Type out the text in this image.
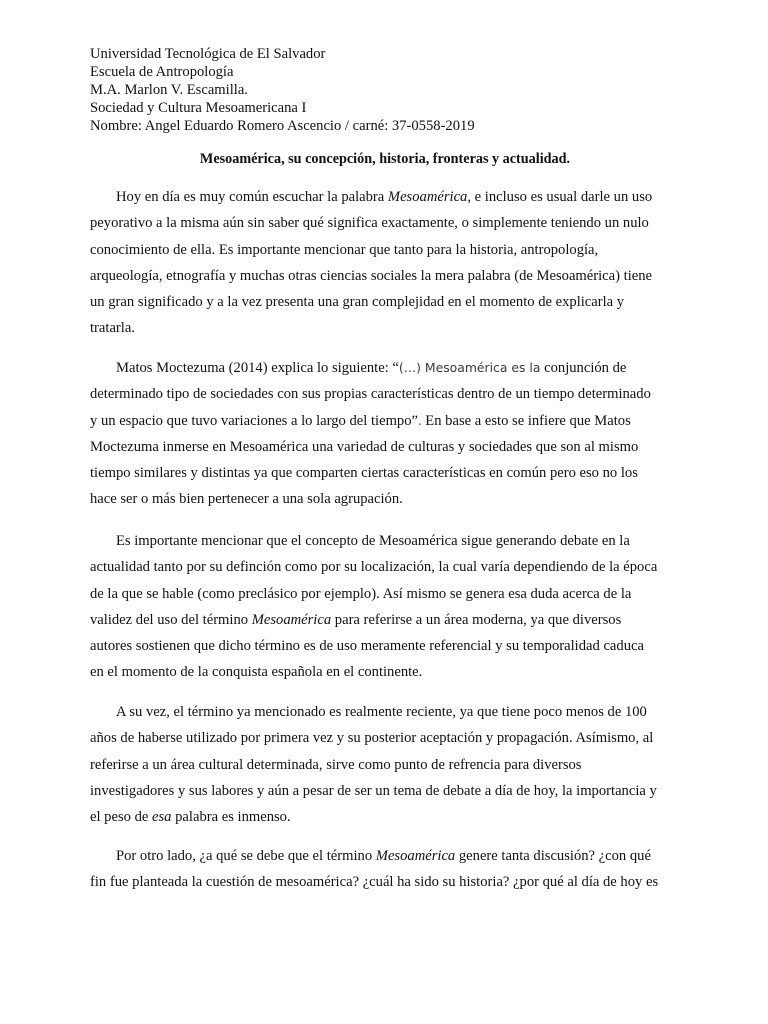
Universidad Tecnológica de El Salvador
Escuela de Antropología
M.A. Marlon V. Escamilla.
Sociedad y Cultura Mesoamericana I
Nombre: Angel Eduardo Romero Ascencio / carné: 37-0558-2019
Mesoamérica, su concepción, historia, fronteras y actualidad.
Hoy en día es muy común escuchar la palabra Mesoamérica, e incluso es usual darle un uso
peyorativo a la misma aún sin saber qué significa exactamente, o simplemente teniendo un nulo
conocimiento de ella. Es importante mencionar que tanto para la historia, antropología,
arqueología, etnografía y muchas otras ciencias sociales la mera palabra (de Mesoamérica) tiene
un gran significado y a la vez presenta una gran complejidad en el momento de explicarla y
tratarla.
Matos Moctezuma (2014) explica lo siguiente: “(…) Mesoamérica es la conjunción de
determinado tipo de sociedades con sus propias características dentro de un tiempo determinado
y un espacio que tuvo variaciones a lo largo del tiempo”. En base a esto se infiere que Matos
Moctezuma inmerse en Mesoamérica una variedad de culturas y sociedades que son al mismo
tiempo similares y distintas ya que comparten ciertas características en común pero eso no los
hace ser o más bien pertenecer a una sola agrupación.
Es importante mencionar que el concepto de Mesoamérica sigue generando debate en la
actualidad tanto por su definción como por su localización, la cual varía dependiendo de la época
de la que se hable (como preclásico por ejemplo). Así mismo se genera esa duda acerca de la
validez del uso del término Mesoamérica para referirse a un área moderna, ya que diversos
autores sostienen que dicho término es de uso meramente referencial y su temporalidad caduca
en el momento de la conquista española en el continente.
A su vez, el término ya mencionado es realmente reciente, ya que tiene poco menos de 100
años de haberse utilizado por primera vez y su posterior aceptación y propagación. Asímismo, al
referirse a un área cultural determinada, sirve como punto de refrencia para diversos
investigadores y sus labores y aún a pesar de ser un tema de debate a día de hoy, la importancia y
el peso de esa palabra es inmenso.
Por otro lado, ¿a qué se debe que el término Mesoamérica genere tanta discusión? ¿con qué
fin fue planteada la cuestión de mesoamérica? ¿cuál ha sido su historia? ¿por qué al día de hoy es
